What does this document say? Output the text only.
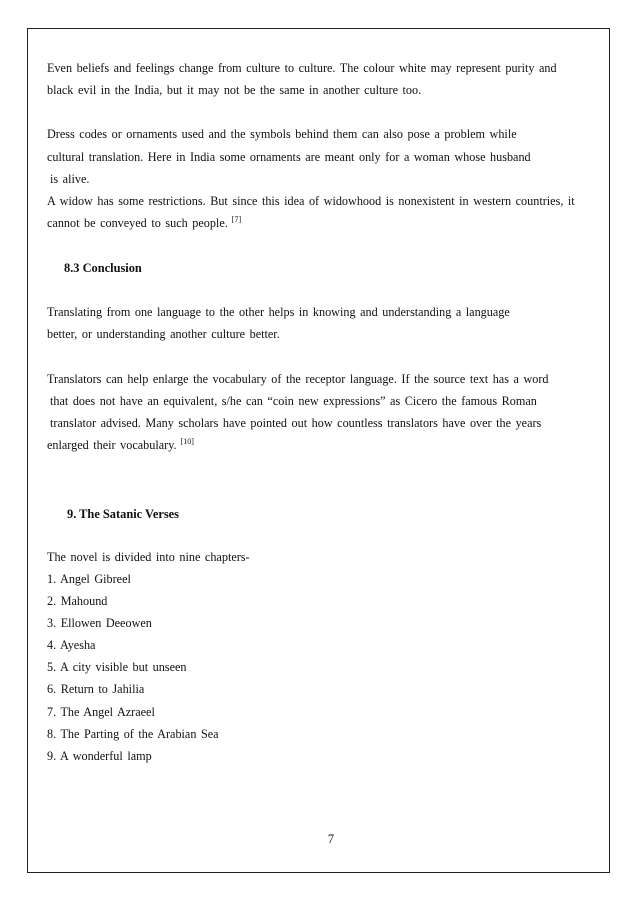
Even beliefs and feelings change from culture to culture. The colour white may represent purity and
black evil in the India, but it may not be the same in another culture too.
Dress codes or ornaments used and the symbols behind them can also pose a problem while
cultural translation. Here in India some ornaments are meant only for a woman whose husband
is alive.
A widow has some restrictions. But since this idea of widowhood is nonexistent in western countries, it
cannot be conveyed to such people. [7]
8.3 Conclusion
Translating from one language to the other helps in knowing and understanding a language
better, or understanding another culture better.
Translators can help enlarge the vocabulary of the receptor language. If the source text has a word
that does not have an equivalent, s/he can “coin new expressions” as Cicero the famous Roman
translator advised. Many scholars have pointed out how countless translators have over the years
enlarged their vocabulary. [10]
9. The Satanic Verses
The novel is divided into nine chapters-
1. Angel Gibreel
2. Mahound
3. Ellowen Deeowen
4. Ayesha
5. A city visible but unseen
6. Return to Jahilia
7. The Angel Azraeel
8. The Parting of the Arabian Sea
9. A wonderful lamp
7
